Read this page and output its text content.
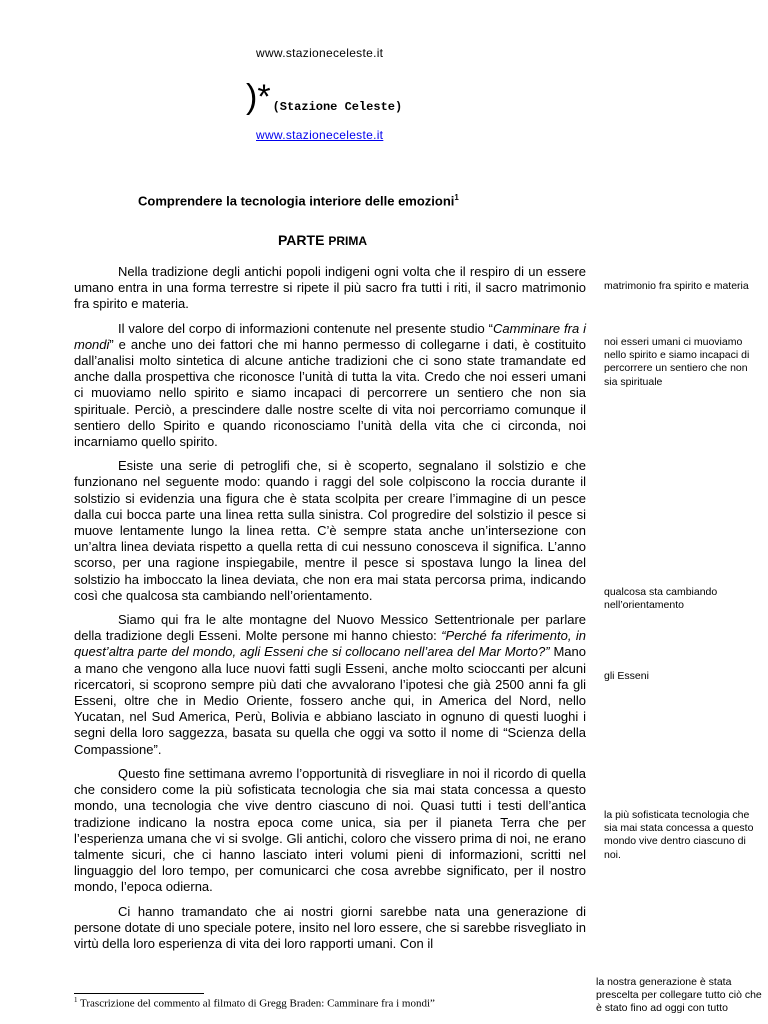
www.stazioneceleste.it
)* (Stazione Celeste)
www.stazioneceleste.it
Comprendere la tecnologia interiore delle emozioni$^1$
PARTE PRIMA

Nella tradizione degli antichi popoli indigeni ogni volta che il respiro di un essere umano entra in una forma terrestre si ripete il più sacro fra tutti i riti, il sacro matrimonio fra spirito e materia.

Il valore del corpo di informazioni contenute nel presente studio “Camminare fra i mondi” e anche uno dei fattori che mi hanno permesso di collegarne i dati, è costituito dall’analisi molto sintetica di alcune antiche tradizioni che ci sono state tramandate ed anche dalla prospettiva che riconosce l’unità di tutta la vita. Credo che noi esseri umani ci muoviamo nello spirito e siamo incapaci di percorrere un sentiero che non sia spirituale. Perciò, a prescindere dalle nostre scelte di vita noi percorriamo comunque il sentiero dello Spirito e quando riconosciamo l’unità della vita che ci circonda, noi incarniamo quello spirito.

Esiste una serie di petroglifi che, si è scoperto, segnalano il solstizio e che funzionano nel seguente modo: quando i raggi del sole colpiscono la roccia durante il solstizio si evidenzia una figura che è stata scolpita per creare l’immagine di un pesce dalla cui bocca parte una linea retta sulla sinistra. Col progredire del solstizio il pesce si muove lentamente lungo la linea retta. C’è sempre stata anche un’intersezione con un’altra linea deviata rispetto a quella retta di cui nessuno conosceva il significa. L’anno scorso, per una ragione inspiegabile, mentre il pesce si spostava lungo la linea del solstizio ha imboccato la linea deviata, che non era mai stata percorsa prima, indicando così che qualcosa sta cambiando nell’orientamento.

Siamo qui fra le alte montagne del Nuovo Messico Settentrionale per parlare della tradizione degli Esseni. Molte persone mi hanno chiesto: “Perché fa riferimento, in quest’altra parte del mondo, agli Esseni che si collocano nell’area del Mar Morto?” Mano a mano che vengono alla luce nuovi fatti sugli Esseni, anche molto scioccanti per alcuni ricercatori, si scoprono sempre più dati che avvalorano l’ipotesi che già 2500 anni fa gli Esseni, oltre che in Medio Oriente, fossero anche qui, in America del Nord, nello Yucatan, nel Sud America, Perù, Bolivia e abbiano lasciato in ognuno di questi luoghi i segni della loro saggezza, basata su quella che oggi va sotto il nome di “Scienza della Compassione”.

Questo fine settimana avremo l’opportunità di risvegliare in noi il ricordo di quella che considero come la più sofisticata tecnologia che sia mai stata concessa a questo mondo, una tecnologia che vive dentro ciascuno di noi. Quasi tutti i testi dell’antica tradizione indicano la nostra epoca come unica, sia per il pianeta Terra che per l’esperienza umana che vi si svolge. Gli antichi, coloro che vissero prima di noi, ne erano talmente sicuri, che ci hanno lasciato interi volumi pieni di informazioni, scritti nel linguaggio del loro tempo, per comunicarci che cosa avrebbe significato, per il nostro mondo, l’epoca odierna.

Ci hanno tramandato che ai nostri giorni sarebbe nata una generazione di persone dotate di uno speciale potere, insito nel loro essere, che si sarebbe risvegliato in virtù della loro esperienza di vita dei loro rapporti umani. Con il

matrimonio fra spirito e materia
noi esseri umani ci muoviamo nello spirito e siamo incapaci di percorrere un sentiero che non sia spirituale
qualcosa sta cambiando nell’orientamento
gli Esseni
la più sofisticata tecnologia che sia mai stata concessa a questo mondo vive dentro ciascuno di noi.
la nostra generazione è stata prescelta per collegare tutto ciò che è stato fino ad oggi con tutto
$^1$ Trascrizione del commento al filmato di Gregg Braden: Camminare fra i mondi”
